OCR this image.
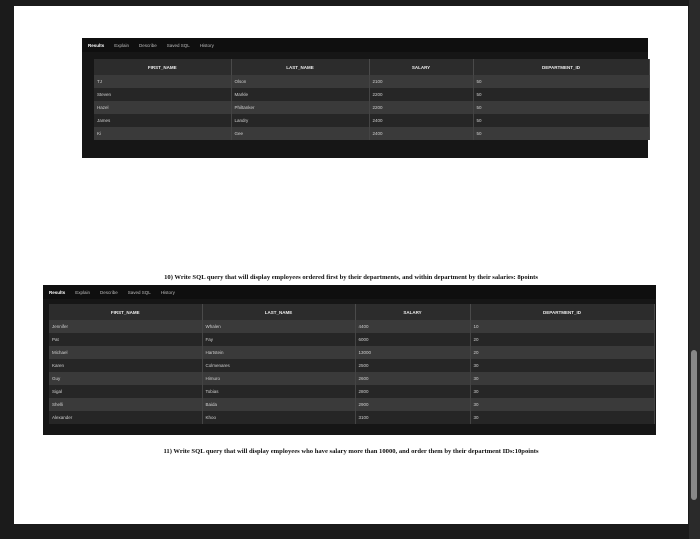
Results Explain Describe Saved SQL History
FIRST_NAME	LAST_NAME	SALARY	DEPARTMENT_ID
TJ	Olson	2100	50
Steven	Markle	2200	50
Hazel	Philtanker	2200	50
James	Landry	2400	50
Ki	Gee	2400	50
10) Write SQL query that will display employees ordered first by their departments, and within department by their salaries: 8points
Results Explain Describe Saved SQL History
FIRST_NAME	LAST_NAME	SALARY	DEPARTMENT_ID
Jennifer	Whalen	4400	10
Pat	Fay	6000	20
Michael	Hartstein	13000	20
Karen	Colmenares	2500	30
Guy	Himuro	2600	30
Sigal	Tobias	2800	30
Shelli	Baida	2900	30
Alexander	Khoo	3100	30
11) Write SQL query that will display employees who have salary more than 10000, and order them by their department IDs:10points
